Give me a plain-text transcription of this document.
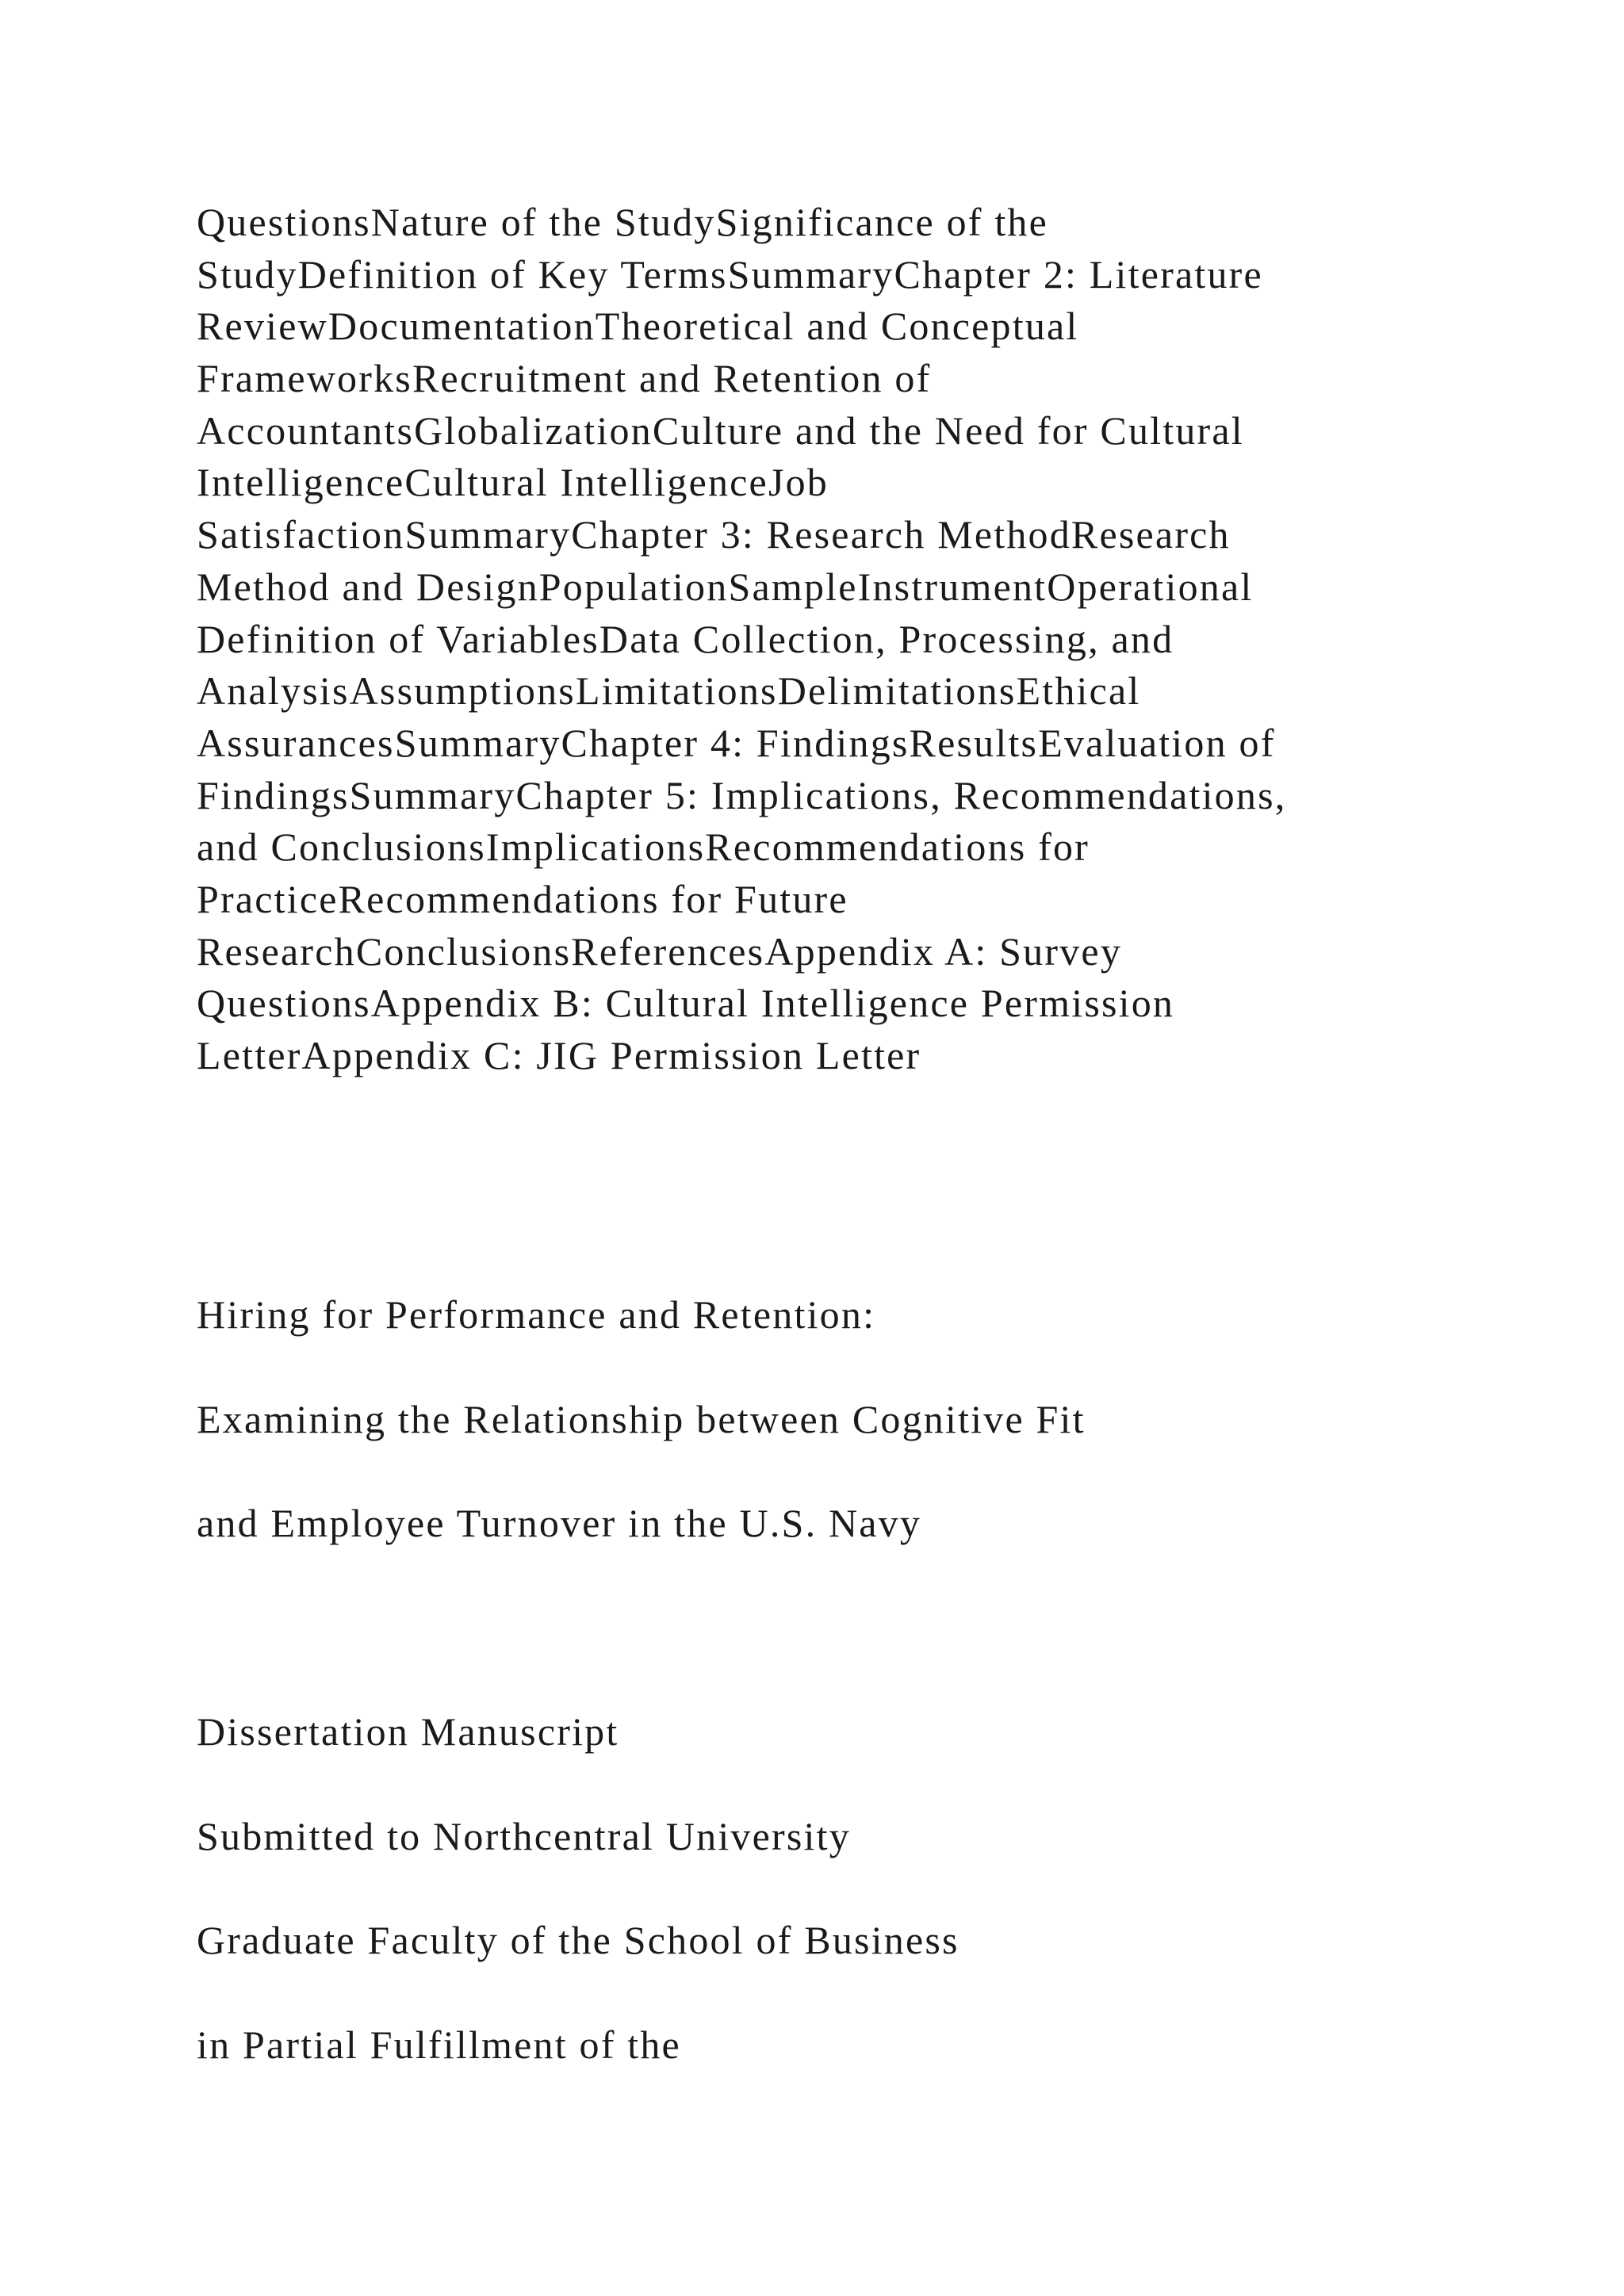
QuestionsNature of the StudySignificance of the
StudyDefinition of Key TermsSummaryChapter 2: Literature
ReviewDocumentationTheoretical and Conceptual
FrameworksRecruitment and Retention of
AccountantsGlobalizationCulture and the Need for Cultural
IntelligenceCultural IntelligenceJob
SatisfactionSummaryChapter 3: Research MethodResearch
Method and DesignPopulationSampleInstrumentOperational
Definition of VariablesData Collection, Processing, and
AnalysisAssumptionsLimitationsDelimitationsEthical
AssurancesSummaryChapter 4: FindingsResultsEvaluation of
FindingsSummaryChapter 5: Implications, Recommendations,
and ConclusionsImplicationsRecommendations for
PracticeRecommendations for Future
ResearchConclusionsReferencesAppendix A: Survey
QuestionsAppendix B: Cultural Intelligence Permission
LetterAppendix C: JIG Permission Letter
Hiring for Performance and Retention:
Examining the Relationship between Cognitive Fit
and Employee Turnover in the U.S. Navy
Dissertation Manuscript
Submitted to Northcentral University
Graduate Faculty of the School of Business
in Partial Fulfillment of the
